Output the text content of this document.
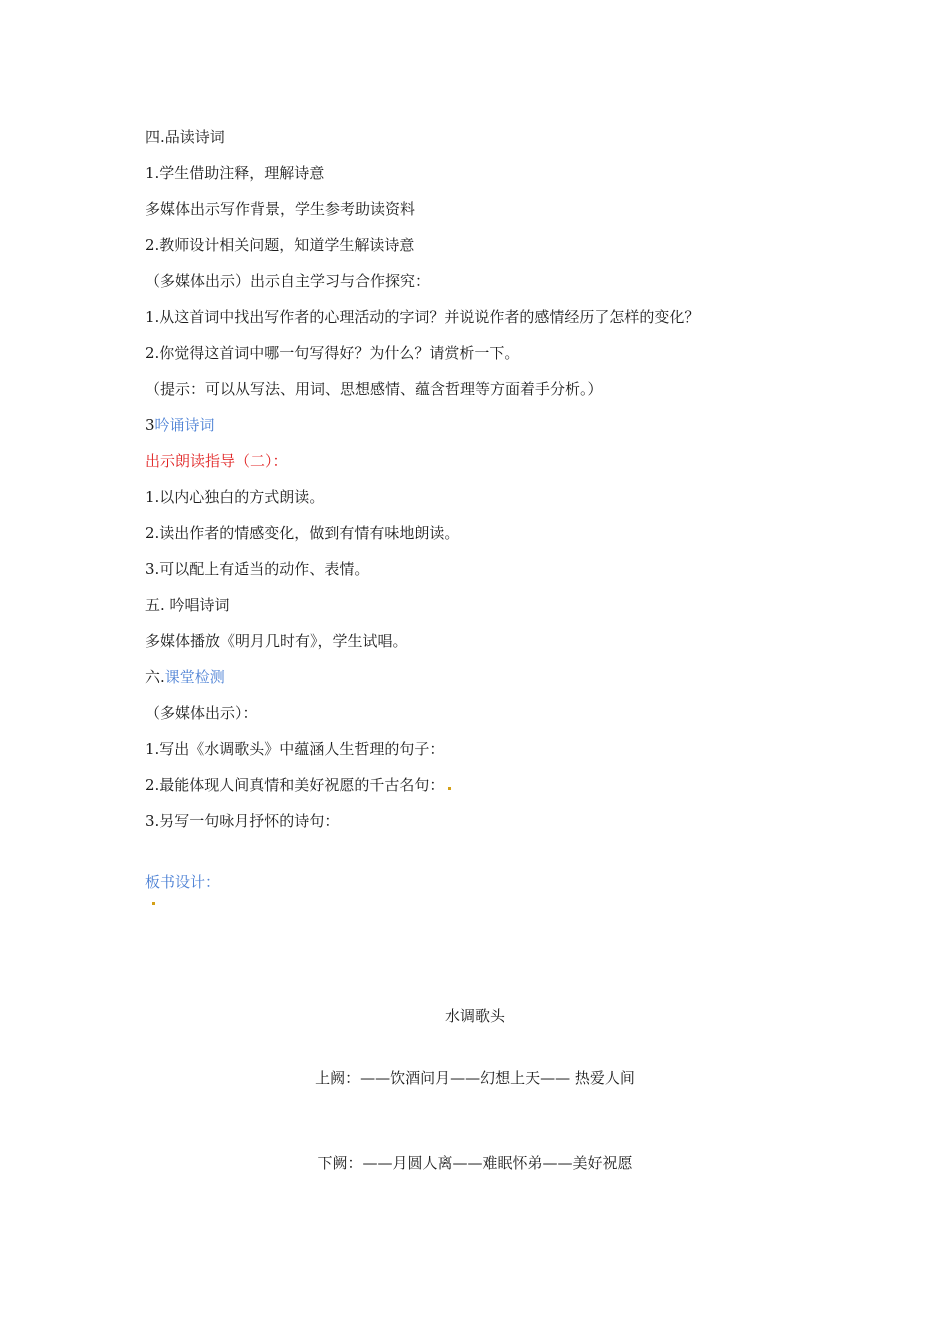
四.品读诗词
1.学生借助注释，理解诗意
多媒体出示写作背景，学生参考助读资料
2.教师设计相关问题，知道学生解读诗意
（多媒体出示）出示自主学习与合作探究：
1.从这首词中找出写作者的心理活动的字词？并说说作者的感情经历了怎样的变化？
2.你觉得这首词中哪一句写得好？为什么？请赏析一下。
（提示：可以从写法、用词、思想感情、蕴含哲理等方面着手分析。）
3吟诵诗词
出示朗读指导（二）：
1.以内心独白的方式朗读。
2.读出作者的情感变化，做到有情有味地朗读。
3.可以配上有适当的动作、表情。
五. 吟唱诗词
多媒体播放《明月几时有》，学生试唱。
六.课堂检测
（多媒体出示）：
1.写出《水调歌头》中蕴涵人生哲理的句子：
2.最能体现人间真情和美好祝愿的千古名句：
3.另写一句咏月抒怀的诗句：
板书设计：
水调歌头
上阙：——饮酒问月——幻想上天—— 热爱人间
下阙：——月圆人离——难眠怀弟——美好祝愿
